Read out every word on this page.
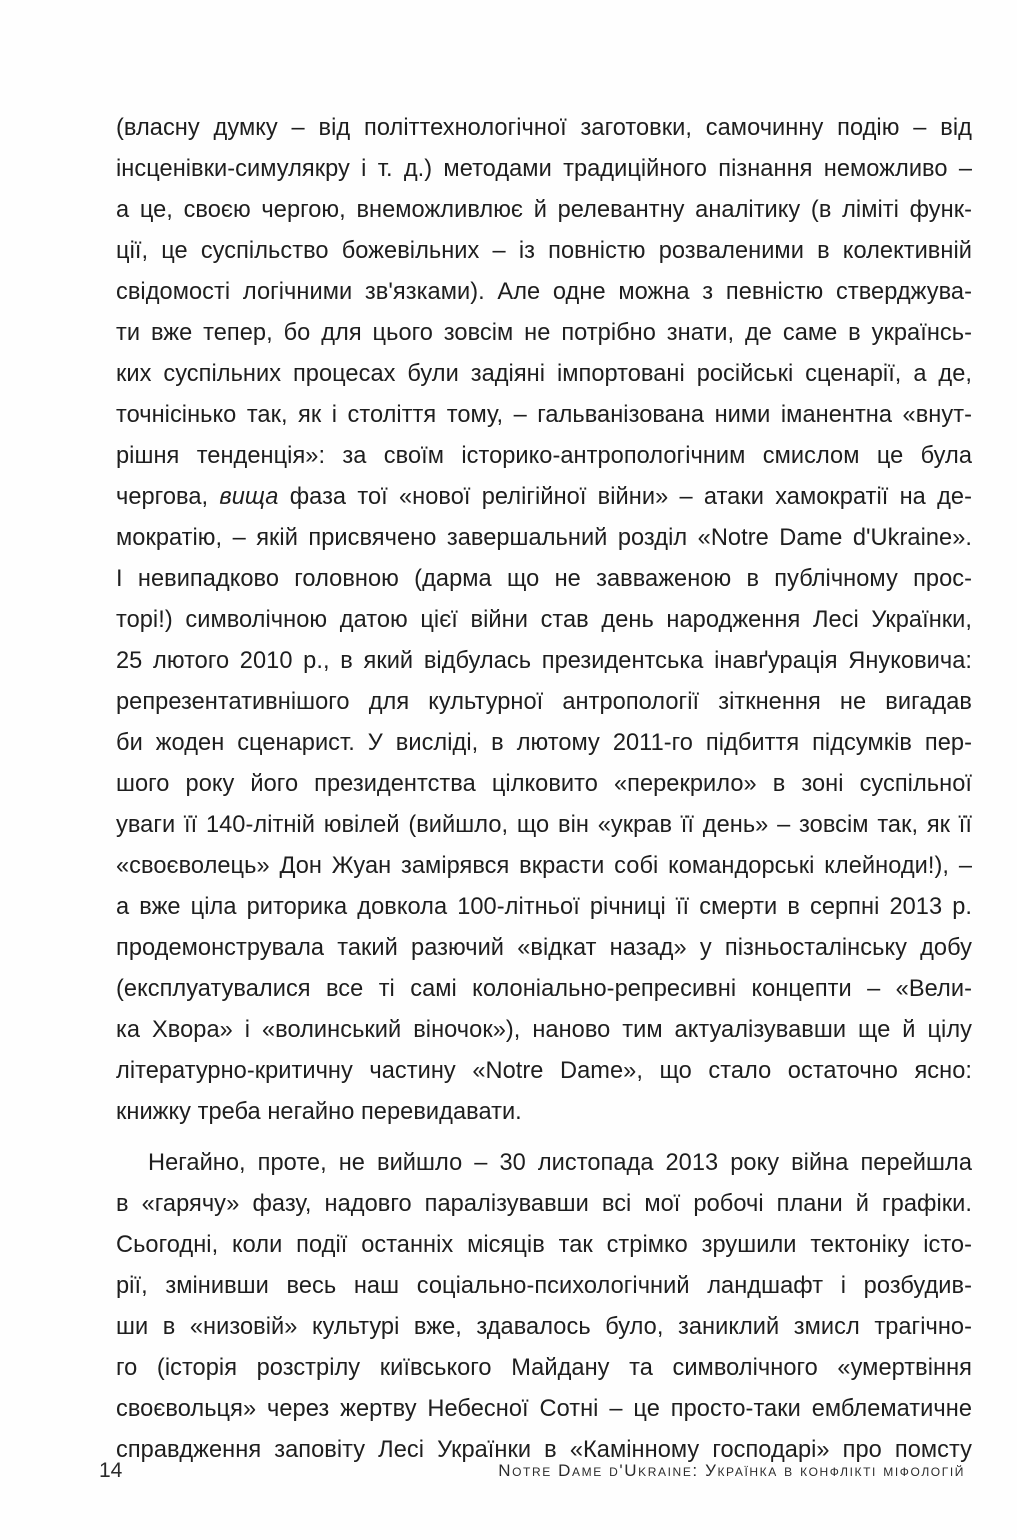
(власну думку – від політтехнологічної заготовки, самочинну подію – від
інсценівки-симулякру і т. д.) методами традиційного пізнання неможливо –
а це, своєю чергою, внеможливлює й релевантну аналітику (в ліміті функ-
ції, це суспільство божевільних – із повністю розваленими в колективній
свідомості логічними зв'язками). Але одне можна з певністю стверджува-
ти вже тепер, бо для цього зовсім не потрібно знати, де саме в українсь-
ких суспільних процесах були задіяні імпортовані російські сценарії, а де,
точнісінько так, як і століття тому, – гальванізована ними іманентна «внут-
рішня тенденція»: за своїм історико-антропологічним смислом це була
чергова, вища фаза тої «нової релігійної війни» – атаки хамократії на де-
мократію, – якій присвячено завершальний розділ «Notre Dame d'Ukraine».
І невипадково головною (дарма що не завваженою в публічному прос-
торі!) символічною датою цієї війни став день народження Лесі Українки,
25 лютого 2010 р., в який відбулась президентська інавґурація Януковича:
репрезентативнішого для культурної антропології зіткнення не вигадав
би жоден сценарист. У висліді, в лютому 2011-го підбиття підсумків пер-
шого року його президентства цілковито «перекрило» в зоні суспільної
уваги її 140-літній ювілей (вийшло, що він «украв її день» – зовсім так, як її
«своєволець» Дон Жуан замірявся вкрасти собі командорські клейноди!), –
а вже ціла риторика довкола 100-літньої річниці її смерти в серпні 2013 р.
продемонструвала такий разючий «відкат назад» у пізньосталінську добу
(експлуатувалися все ті самі колоніально-репресивні концепти – «Вели-
ка Хвора» і «волинський віночок»), наново тим актуалізувавши ще й цілу
літературно-критичну частину «Notre Dame», що стало остаточно ясно:
книжку треба негайно перевидавати.
Негайно, проте, не вийшло – 30 листопада 2013 року війна перейшла
в «гарячу» фазу, надовго паралізувавши всі мої робочі плани й графіки.
Сьогодні, коли події останніх місяців так стрімко зрушили тектоніку істо-
рії, змінивши весь наш соціально-психологічний ландшафт і розбудив-
ши в «низовій» культурі вже, здавалось було, заниклий змисл трагічно-
го (історія розстрілу київського Майдану та символічного «умертвіння
своєвольця» через жертву Небесної Сотні – це просто-таки емблематичне
справдження заповіту Лесі Українки в «Камінному господарі» про помсту
14	Notre Dame d'Ukraine: Українка в конфлікті міфологій
